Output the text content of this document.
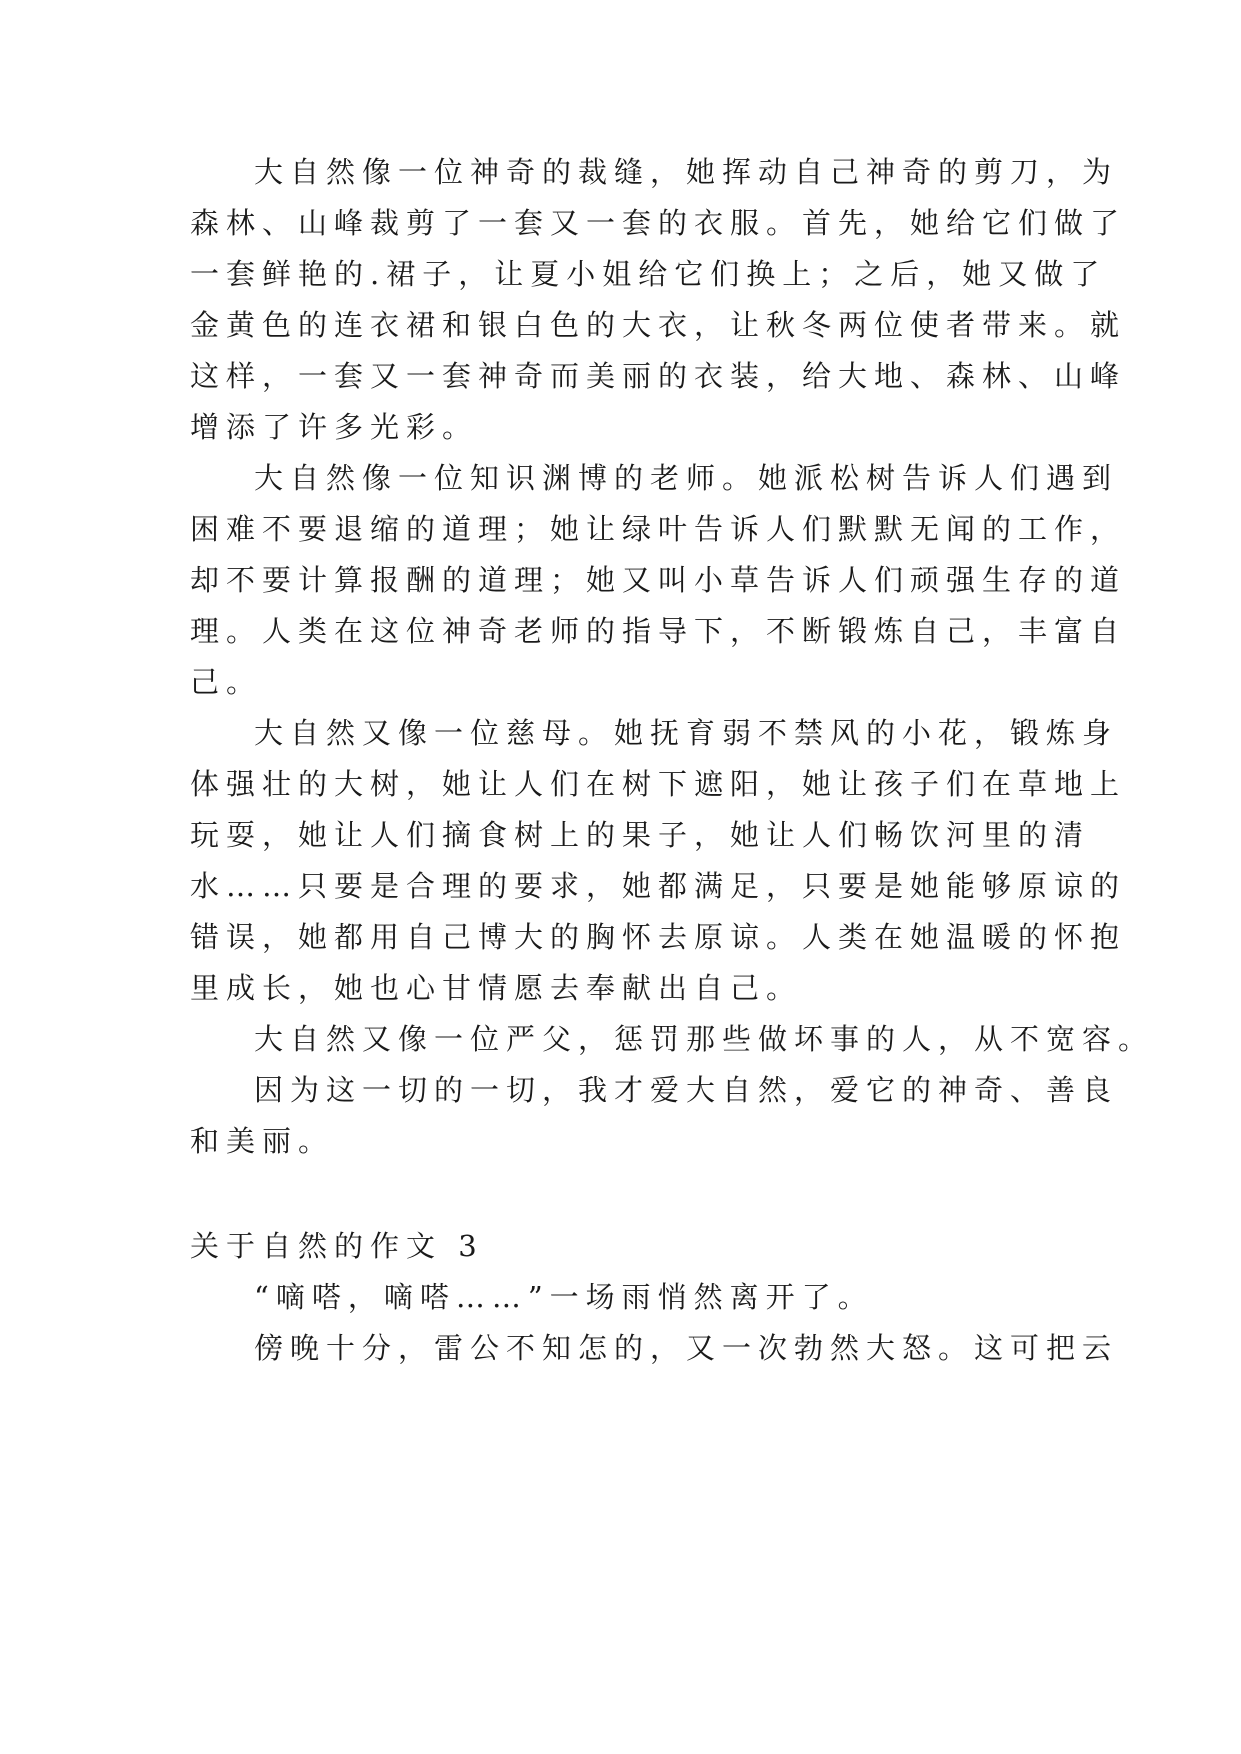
大自然像一位神奇的裁缝，她挥动自己神奇的剪刀，为
森林、山峰裁剪了一套又一套的衣服。首先，她给它们做了
一套鲜艳的.裙子，让夏小姐给它们换上；之后，她又做了
金黄色的连衣裙和银白色的大衣，让秋冬两位使者带来。就
这样，一套又一套神奇而美丽的衣装，给大地、森林、山峰
增添了许多光彩。
大自然像一位知识渊博的老师。她派松树告诉人们遇到
困难不要退缩的道理；她让绿叶告诉人们默默无闻的工作，
却不要计算报酬的道理；她又叫小草告诉人们顽强生存的道
理。人类在这位神奇老师的指导下，不断锻炼自己，丰富自
己。
大自然又像一位慈母。她抚育弱不禁风的小花，锻炼身
体强壮的大树，她让人们在树下遮阳，她让孩子们在草地上
玩耍，她让人们摘食树上的果子，她让人们畅饮河里的清
水……只要是合理的要求，她都满足，只要是她能够原谅的
错误，她都用自己博大的胸怀去原谅。人类在她温暖的怀抱
里成长，她也心甘情愿去奉献出自己。
大自然又像一位严父，惩罚那些做坏事的人，从不宽容。
因为这一切的一切，我才爱大自然，爱它的神奇、善良
和美丽。
关于自然的作文 3
“嘀嗒，嘀嗒……”一场雨悄然离开了。
傍晚十分，雷公不知怎的，又一次勃然大怒。这可把云
